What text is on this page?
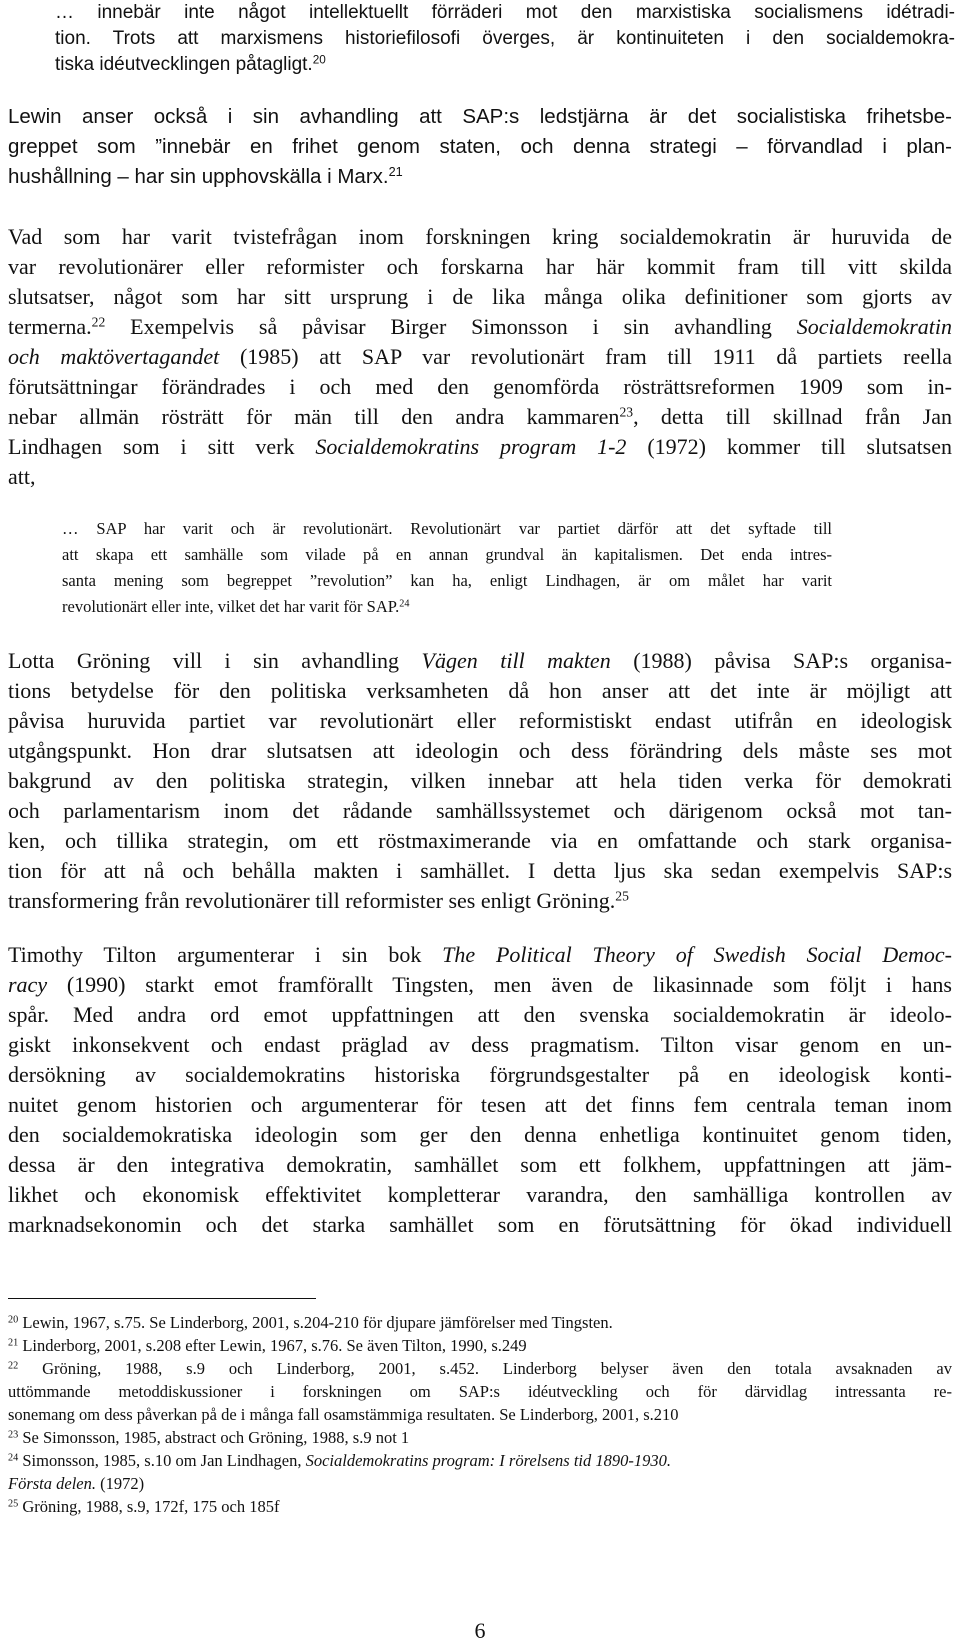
… innebär inte något intellektuellt förräderi mot den marxistiska socialismens idétradi-
tion. Trots att marxismens historiefilosofi överges, är kontinuiteten i den socialdemokra-
tiska idéutvecklingen påtagligt.$^{20}$
Lewin anser också i sin avhandling att SAP:s ledstjärna är det socialistiska frihetsbe-
greppet som ”innebär en frihet genom staten, och denna strategi – förvandlad i plan-
hushållning – har sin upphovskälla i Marx.$^{21}$
Vad som har varit tvistefrågan inom forskningen kring socialdemokratin är huruvida de
var revolutionärer eller reformister och forskarna har här kommit fram till vitt skilda
slutsatser, något som har sitt ursprung i de lika många olika definitioner som gjorts av
termerna.$^{22}$ Exempelvis så påvisar Birger Simonsson i sin avhandling Socialdemokratin
och maktövertagandet (1985) att SAP var revolutionärt fram till 1911 då partiets reella
förutsättningar förändrades i och med den genomförda rösträttsreformen 1909 som in-
nebar allmän rösträtt för män till den andra kammaren$^{23}$, detta till skillnad från Jan
Lindhagen som i sitt verk Socialdemokratins program 1-2 (1972) kommer till slutsatsen
att,
… SAP har varit och är revolutionärt. Revolutionärt var partiet därför att det syftade till
att skapa ett samhälle som vilade på en annan grundval än kapitalismen. Det enda intres-
santa mening som begreppet ”revolution” kan ha, enligt Lindhagen, är om målet har varit
revolutionärt eller inte, vilket det har varit för SAP.$^{24}$
Lotta Gröning vill i sin avhandling Vägen till makten (1988) påvisa SAP:s organisa-
tions betydelse för den politiska verksamheten då hon anser att det inte är möjligt att
påvisa huruvida partiet var revolutionärt eller reformistiskt endast utifrån en ideologisk
utgångspunkt. Hon drar slutsatsen att ideologin och dess förändring dels måste ses mot
bakgrund av den politiska strategin, vilken innebar att hela tiden verka för demokrati
och parlamentarism inom det rådande samhällssystemet och därigenom också mot tan-
ken, och tillika strategin, om ett röstmaximerande via en omfattande och stark organisa-
tion för att nå och behålla makten i samhället. I detta ljus ska sedan exempelvis SAP:s
transformering från revolutionärer till reformister ses enligt Gröning.$^{25}$
Timothy Tilton argumenterar i sin bok The Political Theory of Swedish Social Democ-
racy (1990) starkt emot framförallt Tingsten, men även de likasinnade som följt i hans
spår. Med andra ord emot uppfattningen att den svenska socialdemokratin är ideolo-
giskt inkonsekvent och endast präglad av dess pragmatism. Tilton visar genom en un-
dersökning av socialdemokratins historiska förgrundsgestalter på en ideologisk konti-
nuitet genom historien och argumenterar för tesen att det finns fem centrala teman inom
den socialdemokratiska ideologin som ger den denna enhetliga kontinuitet genom tiden,
dessa är den integrativa demokratin, samhället som ett folkhem, uppfattningen att jäm-
likhet och ekonomisk effektivitet kompletterar varandra, den samhälliga kontrollen av
marknadsekonomin och det starka samhället som en förutsättning för ökad individuell
$^{20}$ Lewin, 1967, s.75. Se Linderborg, 2001, s.204-210 för djupare jämförelser med Tingsten.
$^{21}$ Linderborg, 2001, s.208 efter Lewin, 1967, s.76. Se även Tilton, 1990, s.249
$^{22}$ Gröning, 1988, s.9 och Linderborg, 2001, s.452. Linderborg belyser även den totala avsaknaden av
uttömmande metoddiskussioner i forskningen om SAP:s idéutveckling och för därvidlag intressanta re-
sonemang om dess påverkan på de i många fall osamstämmiga resultaten. Se Linderborg, 2001, s.210
$^{23}$ Se Simonsson, 1985, abstract och Gröning, 1988, s.9 not 1
$^{24}$ Simonsson, 1985, s.10 om Jan Lindhagen, Socialdemokratins program: I rörelsens tid 1890-1930.
Första delen. (1972)
$^{25}$ Gröning, 1988, s.9, 172f, 175 och 185f
6
